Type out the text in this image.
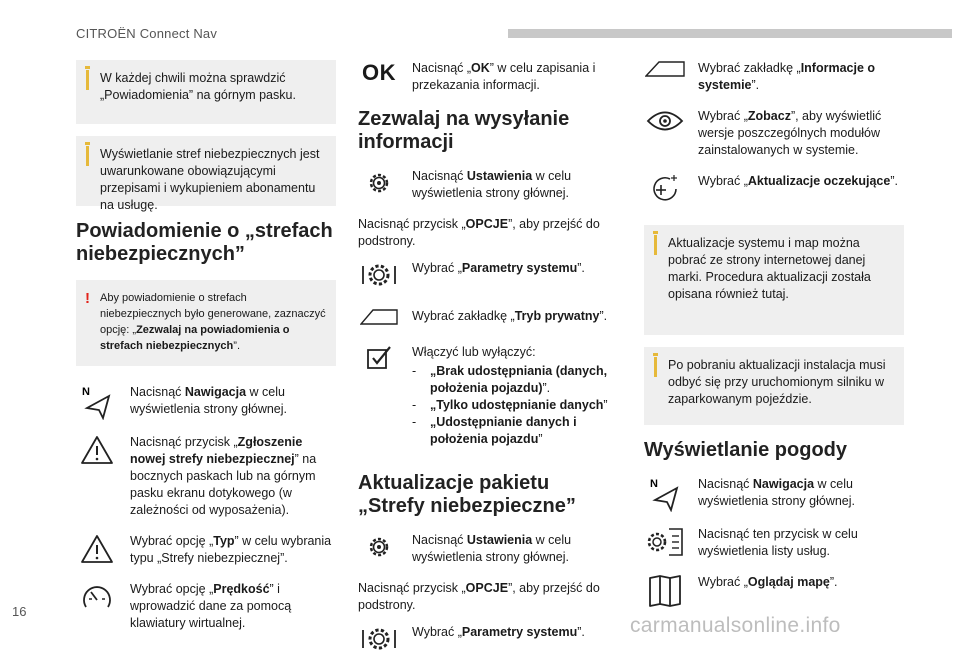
CITROËN Connect Nav
W każdej chwili można sprawdzić „Powiadomienia” na górnym pasku.
Wyświetlanie stref niebezpiecznych jest uwarunkowane obowiązującymi przepisami i wykupieniem abonamentu na usługę.
Powiadomienie o „strefach niebezpiecznych”
! Aby powiadomienie o strefach niebezpiecznych było generowane, zaznaczyć opcję: „Zezwalaj na powiadomienia o strefach niebezpiecznych”.
N	Nacisnąć Nawigacja w celu wyświetlenia strony głównej.
Nacisnąć przycisk „Zgłoszenie nowej strefy niebezpiecznej” na bocznych paskach lub na górnym pasku ekranu dotykowego (w zależności od wyposażenia).
Wybrać opcję „Typ” w celu wybrania typu „Strefy niebezpiecznej”.
Wybrać opcję „Prędkość” i wprowadzić dane za pomocą klawiatury wirtualnej.
OK Nacisnąć „OK” w celu zapisania i przekazania informacji.
Zezwalaj na wysyłanie informacji
Nacisnąć Ustawienia w celu wyświetlenia strony głównej.

Nacisnąć przycisk „OPCJE”, aby przejść do podstrony.

Wybrać „Parametry systemu”.
Wybrać zakładkę „Tryb prywatny”.
Włączyć lub wyłączyć:
-	„Brak udostępniania (danych, położenia pojazdu)”.
-	„Tylko udostępnianie danych”
-	„Udostępnianie danych i położenia pojazdu”
Aktualizacje pakietu „Strefy niebezpieczne”
Nacisnąć Ustawienia w celu wyświetlenia strony głównej.

Nacisnąć przycisk „OPCJE”, aby przejść do podstrony.

Wybrać „Parametry systemu”.
Wybrać zakładkę „Informacje o systemie”.
Wybrać „Zobacz”, aby wyświetlić wersje poszczególnych modułów zainstalowanych w systemie.
Wybrać „Aktualizacje oczekujące”.
Aktualizacje systemu i map można pobrać ze strony internetowej danej marki. Procedura aktualizacji została opisana również tutaj.
Po pobraniu aktualizacji instalacja musi odbyć się przy uruchomionym silniku w zaparkowanym pojeździe.
Wyświetlanie pogody
N	Nacisnąć Nawigacja w celu wyświetlenia strony głównej.
Nacisnąć ten przycisk w celu wyświetlenia listy usług.
Wybrać „Oglądaj mapę”.
16
carmanualsonline.info
